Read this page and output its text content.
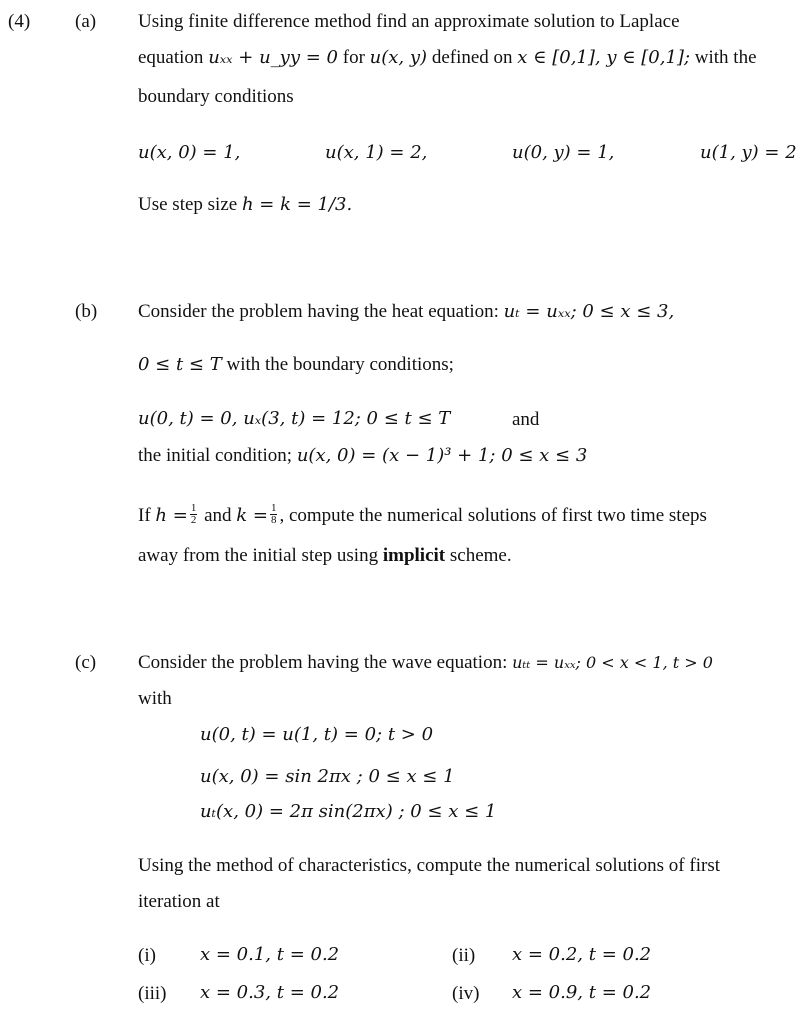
(4) (a) Using finite difference method find an approximate solution to Laplace
equation uₓₓ + u_yy = 0 for u(x, y) defined on x ∈ [0,1], y ∈ [0,1]; with the
boundary conditions
u(x, 0) = 1,	u(x, 1) = 2,	u(0, y) = 1,	u(1, y) = 2
Use step size h = k = 1/3.
(b) Consider the problem having the heat equation: uₜ = uₓₓ; 0 ≤ x ≤ 3,
0 ≤ t ≤ T with the boundary conditions;
u(0, t) = 0, uₓ(3, t) = 12; 0 ≤ t ≤ T	and
the initial condition; u(x, 0) = (x − 1)³ + 1; 0 ≤ x ≤ 3
If $h = \frac{1}{2}$ and $k = \frac{1}{8}$ , compute the numerical solutions of first two time steps
away from the initial step using implicit scheme.
(c) Consider the problem having the wave equation: uₜₜ = uₓₓ; 0 < x < 1, t > 0
with
u(0, t) = u(1, t) = 0; t > 0
u(x, 0) = sin 2πx ; 0 ≤ x ≤ 1
uₜ(x, 0) = 2π sin(2πx) ; 0 ≤ x ≤ 1
Using the method of characteristics, compute the numerical solutions of first
iteration at
(i) x = 0.1, t = 0.2	(ii) x = 0.2, t = 0.2
(iii) x = 0.3, t = 0.2	(iv) x = 0.9, t = 0.2
